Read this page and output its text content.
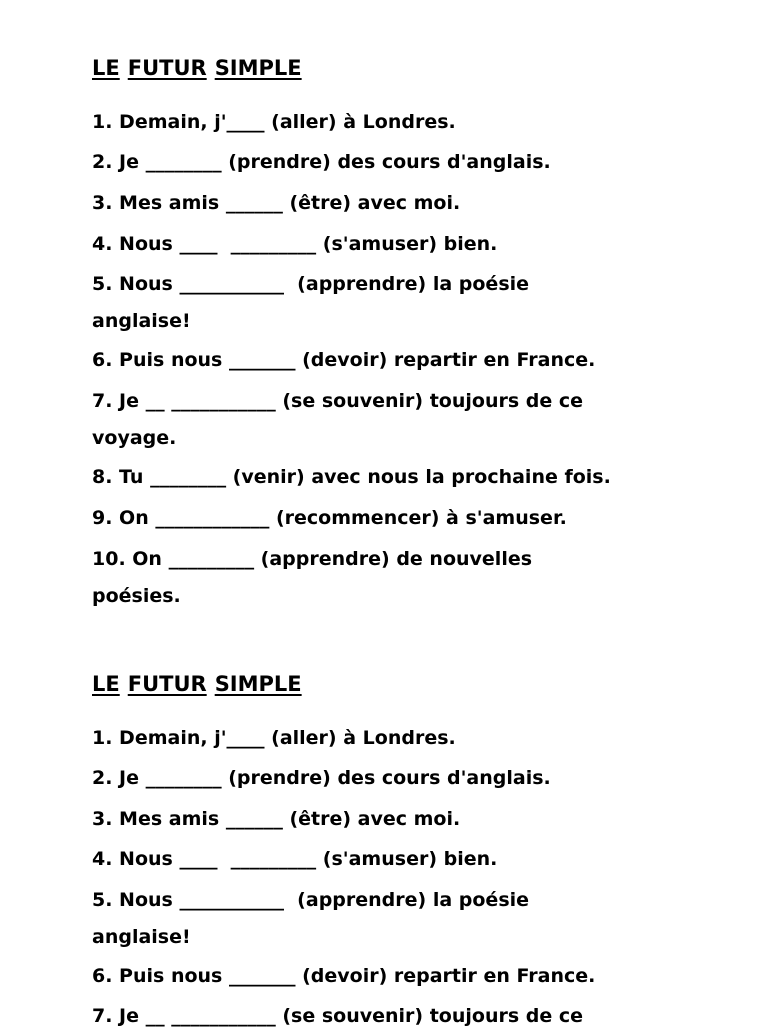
LE FUTUR SIMPLE
1. Demain, j'____ (aller) à Londres.
2. Je ________ (prendre) des cours d'anglais.
3. Mes amis ______ (être) avec moi.
4. Nous ____  _________ (s'amuser) bien.
5. Nous ___________  (apprendre) la poésie anglaise!
6. Puis nous _______ (devoir) repartir en France.
7. Je __ ___________ (se souvenir) toujours de ce voyage.
8. Tu ________ (venir) avec nous la prochaine fois.
9. On ____________ (recommencer) à s'amuser.
10. On _________ (apprendre) de nouvelles poésies.
LE FUTUR SIMPLE
1. Demain, j'____ (aller) à Londres.
2. Je ________ (prendre) des cours d'anglais.
3. Mes amis ______ (être) avec moi.
4. Nous ____  _________ (s'amuser) bien.
5. Nous ___________  (apprendre) la poésie anglaise!
6. Puis nous _______ (devoir) repartir en France.
7. Je __ ___________ (se souvenir) toujours de ce
